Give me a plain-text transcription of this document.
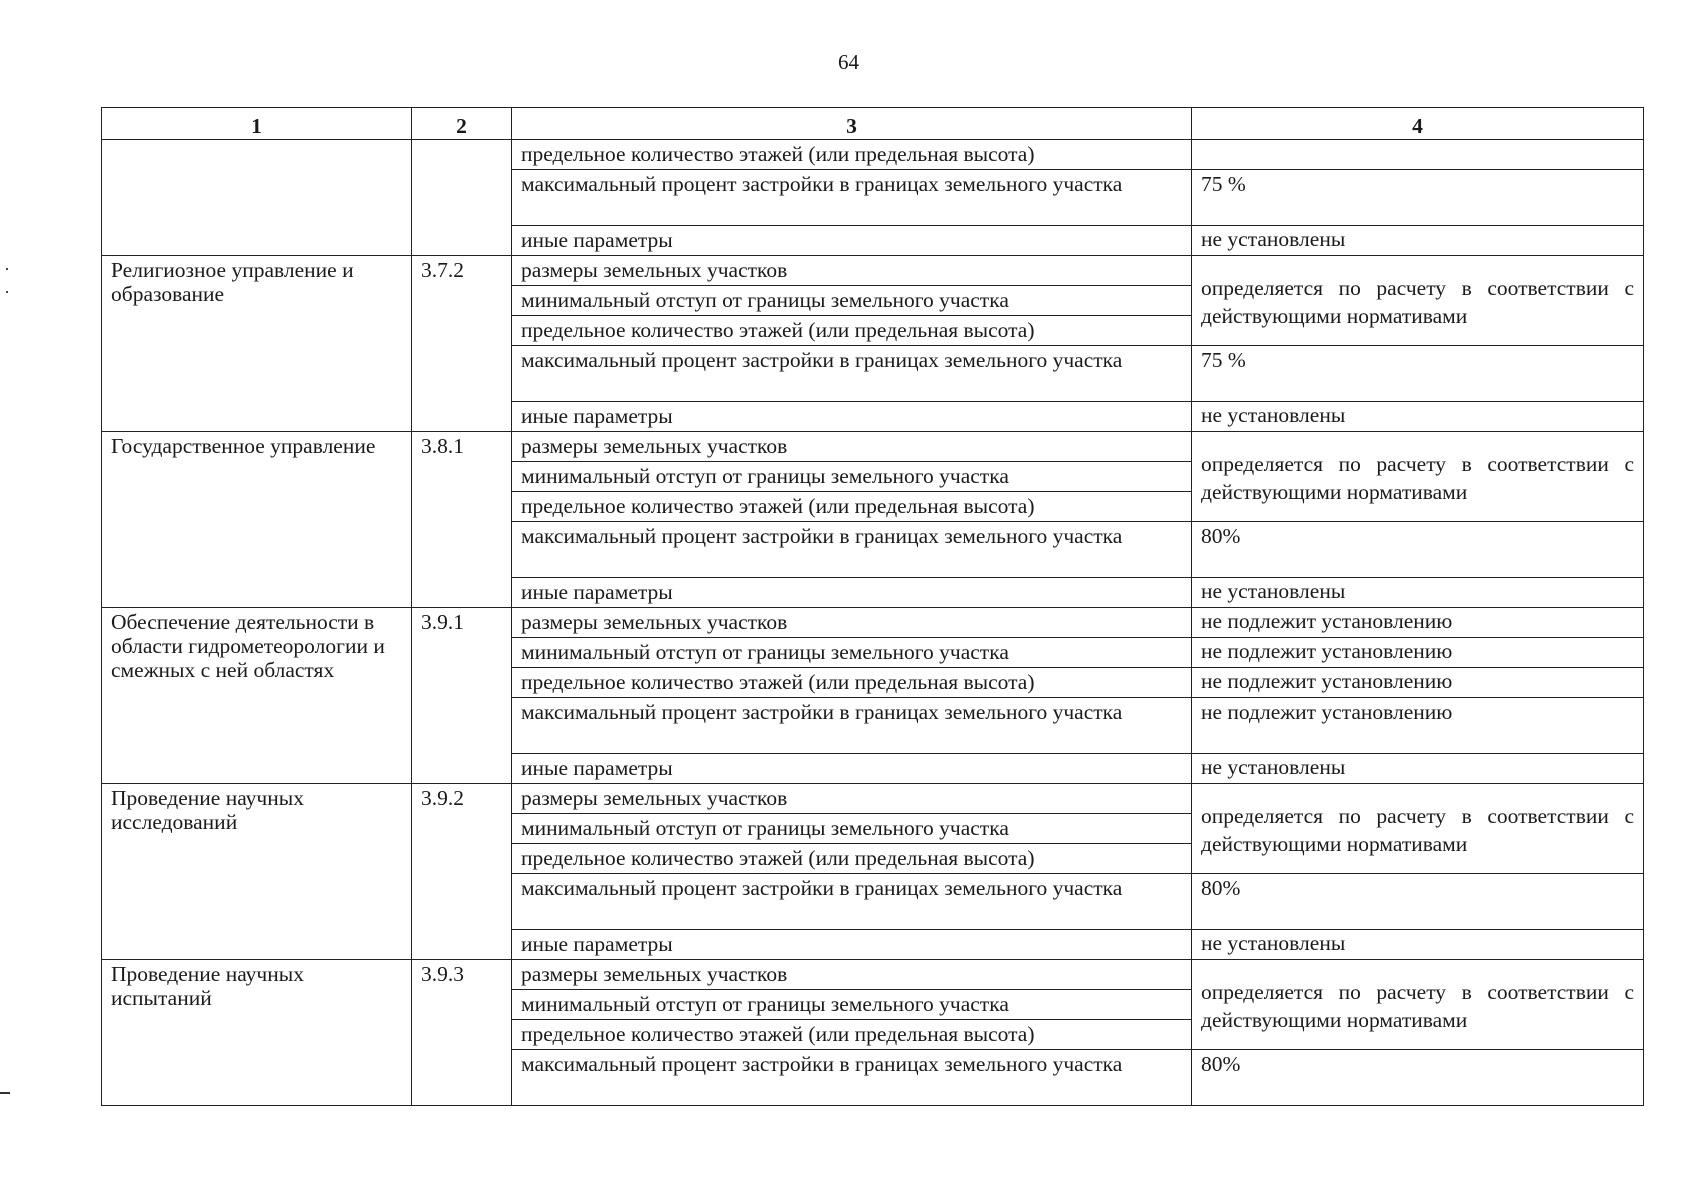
64
1	2	3	4
		предельное количество этажей (или предельная высота)	
		максимальный процент застройки в границах земельного участка	75 %
		иные параметры	не установлены
Религиозное управление и образование	3.7.2	размеры земельных участков	определяется по расчету в соответствии с действующими нормативами
		минимальный отступ от границы земельного участка	
		предельное количество этажей (или предельная высота)	
		максимальный процент застройки в границах земельного участка	75 %
		иные параметры	не установлены
Государственное управление	3.8.1	размеры земельных участков	определяется по расчету в соответствии с действующими нормативами
		минимальный отступ от границы земельного участка	
		предельное количество этажей (или предельная высота)	
		максимальный процент застройки в границах земельного участка	80%
		иные параметры	не установлены
Обеспечение деятельности в области гидрометеорологии и смежных с ней областях	3.9.1	размеры земельных участков	не подлежит установлению
		минимальный отступ от границы земельного участка	не подлежит установлению
		предельное количество этажей (или предельная высота)	не подлежит установлению
		максимальный процент застройки в границах земельного участка	не подлежит установлению
		иные параметры	не установлены
Проведение научных исследований	3.9.2	размеры земельных участков	определяется по расчету в соответствии с действующими нормативами
		минимальный отступ от границы земельного участка	
		предельное количество этажей (или предельная высота)	
		максимальный процент застройки в границах земельного участка	80%
		иные параметры	не установлены
Проведение научных испытаний	3.9.3	размеры земельных участков	определяется по расчету в соответствии с действующими нормативами
		минимальный отступ от границы земельного участка	
		предельное количество этажей (или предельная высота)	
		максимальный процент застройки в границах земельного участка	80%
